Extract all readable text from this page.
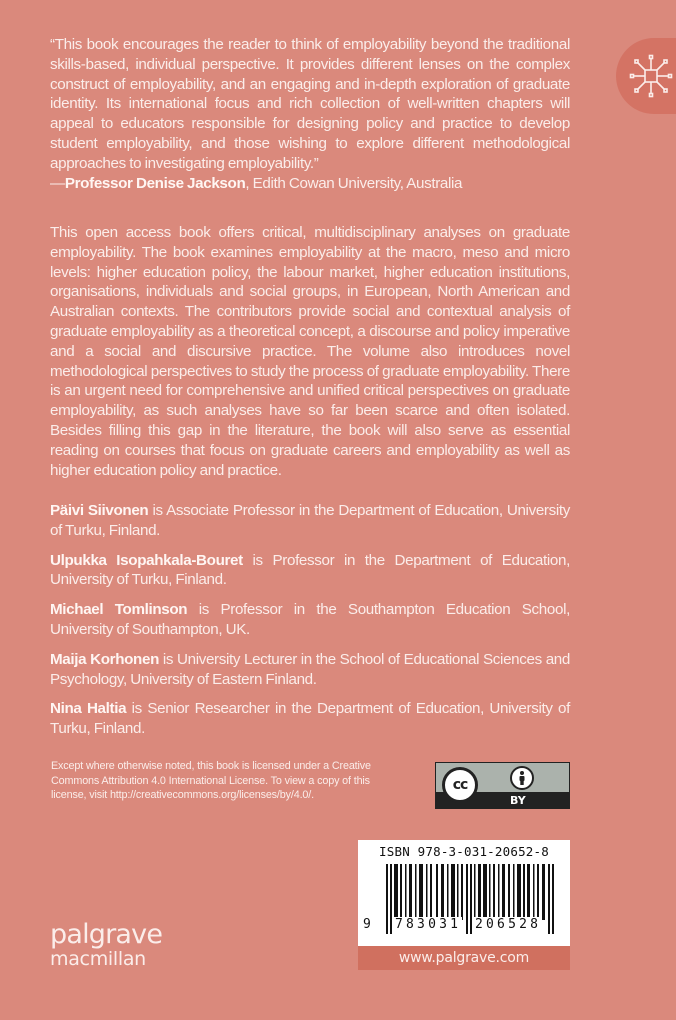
“This book encourages the reader to think of employability beyond the traditional skills-based, individual perspective. It provides different lenses on the complex construct of employability, and an engaging and in-depth exploration of graduate identity. Its international focus and rich collection of well-written chapters will appeal to educators responsible for designing policy and practice to develop student employability, and those wishing to explore different methodological approaches to investigating employability.”

—Professor Denise Jackson, Edith Cowan University, Australia

This open access book offers critical, multidisciplinary analyses on graduate employability. The book examines employability at the macro, meso and micro levels: higher education policy, the labour market, higher education institutions, organisations, individuals and social groups, in European, North American and Australian contexts. The contributors provide social and contextual analysis of graduate employability as a theoretical concept, a discourse and policy imperative and a social and discursive practice. The volume also introduces novel methodological perspectives to study the process of graduate employability. There is an urgent need for comprehensive and unified critical perspectives on graduate employability, as such analyses have so far been scarce and often isolated. Besides filling this gap in the literature, the book will also serve as essential reading on courses that focus on graduate careers and employability as well as higher education policy and practice.

Päivi Siivonen is Associate Professor in the Department of Education, University of Turku, Finland.

Ulpukka Isopahkala-Bouret is Professor in the Department of Education, University of Turku, Finland.

Michael Tomlinson is Professor in the Southampton Education School, University of Southampton, UK.

Maija Korhonen is University Lecturer in the School of Educational Sciences and Psychology, University of Eastern Finland.

Nina Haltia is Senior Researcher in the Department of Education, University of Turku, Finland.

Except where otherwise noted, this book is licensed under a Creative Commons Attribution 4.0 International License. To view a copy of this license, visit http://creativecommons.org/licenses/by/4.0/.
cc
BY
ISBN 978-3-031-20652-8
9 783031 206528
www.palgrave.com
palgrave
macmillan
